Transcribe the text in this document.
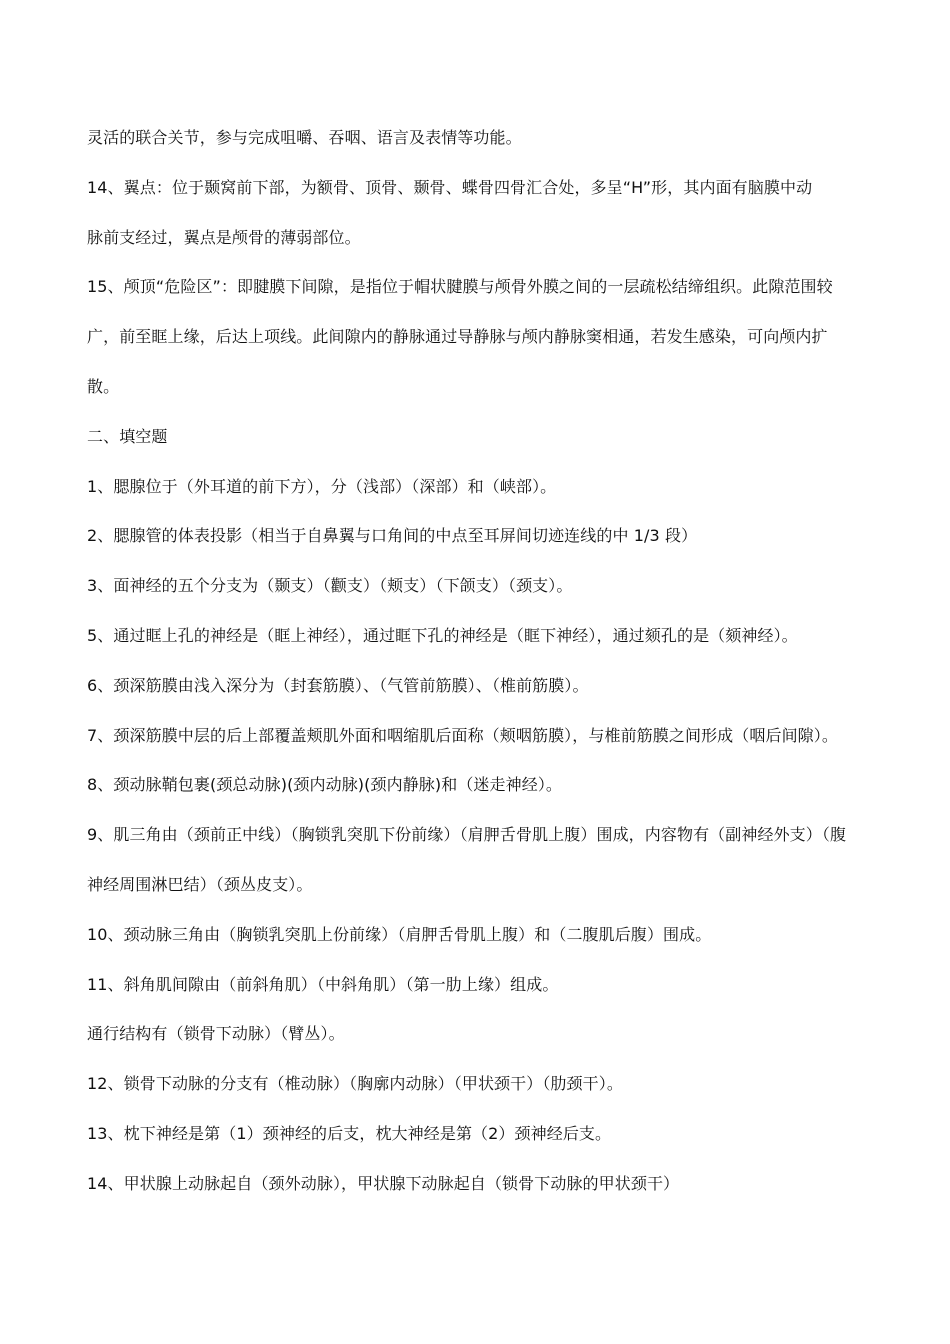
灵活的联合关节，参与完成咀嚼、吞咽、语言及表情等功能。

14、翼点：位于颞窝前下部，为额骨、顶骨、颞骨、蝶骨四骨汇合处，多呈“H”形，其内面有脑膜中动

脉前支经过，翼点是颅骨的薄弱部位。

15、颅顶“危险区”：即腱膜下间隙，是指位于帽状腱膜与颅骨外膜之间的一层疏松结缔组织。此隙范围较

广，前至眶上缘，后达上项线。此间隙内的静脉通过导静脉与颅内静脉窦相通，若发生感染，可向颅内扩

散。

二、填空题

1、腮腺位于（外耳道的前下方），分（浅部）（深部）和（峡部）。

2、腮腺管的体表投影（相当于自鼻翼与口角间的中点至耳屏间切迹连线的中 1/3 段）

3、面神经的五个分支为（颞支）（颧支）（颊支）（下颌支）（颈支）。

5、通过眶上孔的神经是（眶上神经），通过眶下孔的神经是（眶下神经），通过颏孔的是（颏神经）。

6、颈深筋膜由浅入深分为（封套筋膜）、（气管前筋膜）、（椎前筋膜）。

7、颈深筋膜中层的后上部覆盖颊肌外面和咽缩肌后面称（颊咽筋膜），与椎前筋膜之间形成（咽后间隙）。

8、颈动脉鞘包裹(颈总动脉)(颈内动脉)(颈内静脉)和（迷走神经）。

9、肌三角由（颈前正中线）（胸锁乳突肌下份前缘）（肩胛舌骨肌上腹）围成，内容物有（副神经外支）（腹

神经周围淋巴结）（颈丛皮支）。

10、颈动脉三角由（胸锁乳突肌上份前缘）（肩胛舌骨肌上腹）和（二腹肌后腹）围成。

11、斜角肌间隙由（前斜角肌）（中斜角肌）（第一肋上缘）组成。

通行结构有（锁骨下动脉）（臂丛）。

12、锁骨下动脉的分支有（椎动脉）（胸廓内动脉）（甲状颈干）（肋颈干）。

13、枕下神经是第（1）颈神经的后支，枕大神经是第（2）颈神经后支。

14、甲状腺上动脉起自（颈外动脉），甲状腺下动脉起自（锁骨下动脉的甲状颈干）
